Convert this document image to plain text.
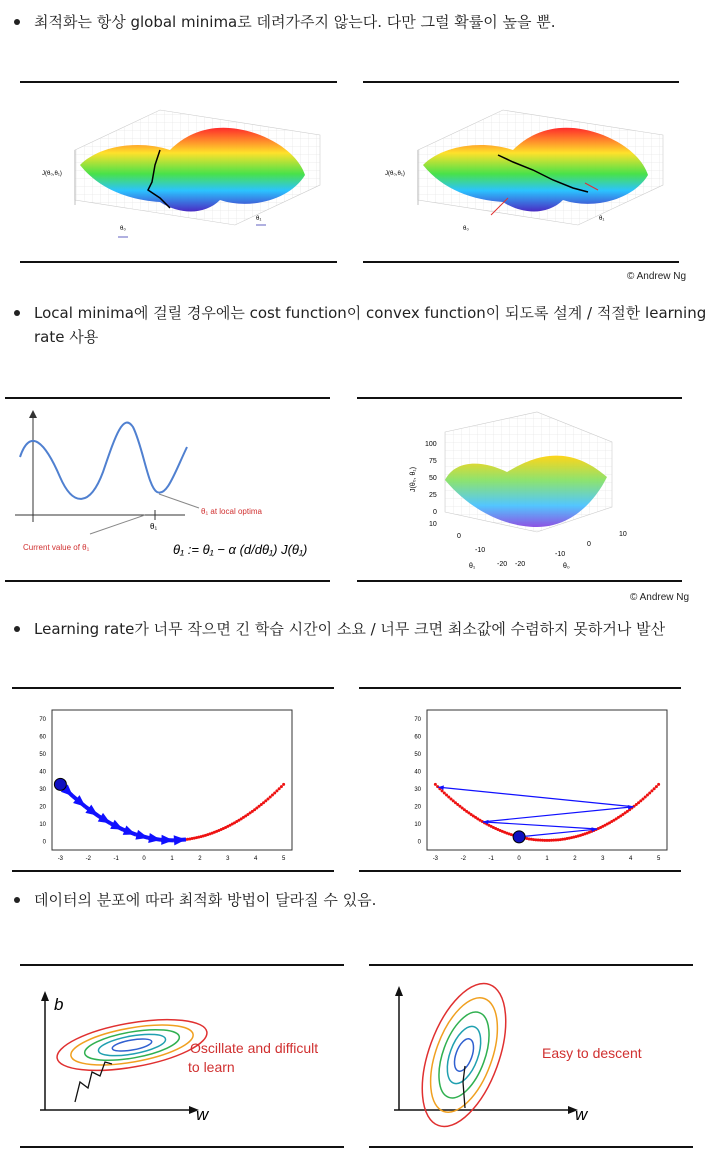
최적화는 항상 global minima로 데려가주지 않는다. 다만 그럴 확률이 높을 뿐.
J(θ₀,θ₁)
θ₀
θ₁
J(θ₀,θ₁)
θ₀
θ₁
© Andrew Ng
Local minima에 걸릴 경우에는 cost function이 convex function이 되도록 설계 / 적절한 learning
rate 사용
θ₁ at local optima
θ₁
Current value of θ₁	θ₁ := θ₁ − α (d/dθ₁) J(θ₁)
J(θ₀, θ₁)
100
75
50
25
0
10
0
-10
-20 -20
-10
0
10
θ₁	θ₀
© Andrew Ng
Learning rate가 너무 작으면 긴 학습 시간이 소요 / 너무 크면 최소값에 수렴하지 못하거나 발산
70
60
50
40
30
20
10
0
-3	-2	-1	0	1	2	3	4	5
70
60
50
40
30
20
10
0
-3	-2	-1	0	1	2	3	4	5
데이터의 분포에 따라 최적화 방법이 달라질 수 있음.
b
w
Oscillate and difficult
to learn
w
Easy to descent
